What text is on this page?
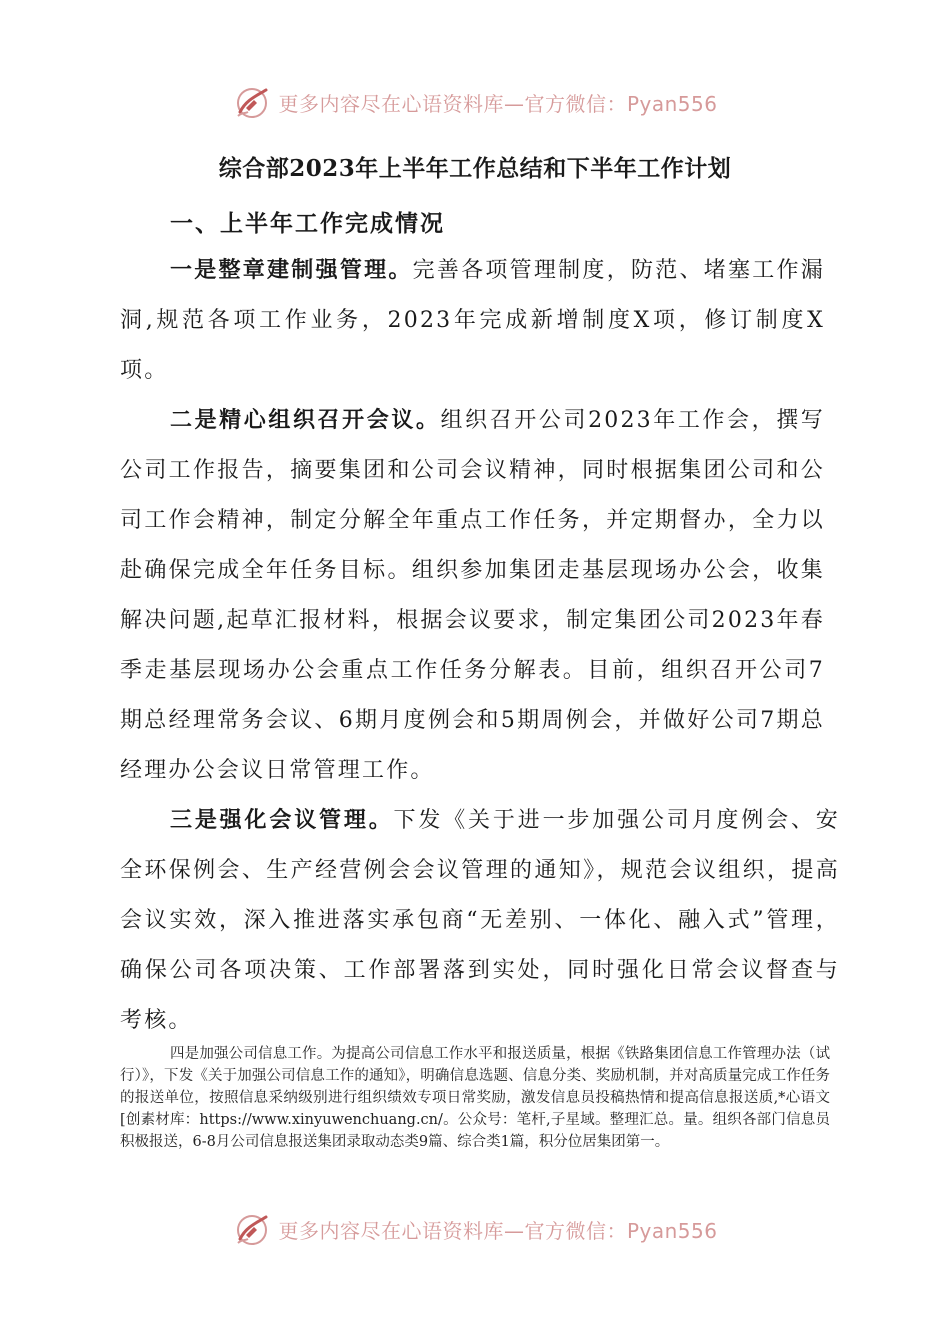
更多内容尽在心语资料库—官方微信：Pyan556
综合部2023年上半年工作总结和下半年工作计划
一、上半年工作完成情况

一是整章建制强管理。完善各项管理制度，防范、堵塞工作漏洞,规范各项工作业务，2023年完成新增制度X项，修订制度X项。

二是精心组织召开会议。组织召开公司2023年工作会，撰写公司工作报告，摘要集团和公司会议精神，同时根据集团公司和公司工作会精神，制定分解全年重点工作任务，并定期督办，全力以赴确保完成全年任务目标。组织参加集团走基层现场办公会，收集解决问题,起草汇报材料，根据会议要求，制定集团公司2023年春季走基层现场办公会重点工作任务分解表。目前，组织召开公司7期总经理常务会议、6期月度例会和5期周例会，并做好公司7期总经理办公会议日常管理工作。

三是强化会议管理。下发《关于进一步加强公司月度例会、安全环保例会、生产经营例会会议管理的通知》，规范会议组织，提高会议实效，深入推进落实承包商“无差别、一体化、融入式”管理，确保公司各项决策、工作部署落到实处，同时强化日常会议督查与考核。

四是加强公司信息工作。为提高公司信息工作水平和报送质量，根据《铁路集团信息工作管理办法（试行）》，下发《关于加强公司信息工作的通知》，明确信息选题、信息分类、奖励机制，并对高质量完成工作任务的报送单位，按照信息采纳级别进行组织绩效专项日常奖励，激发信息员投稿热情和提高信息报送质,*心语文[创素材库：https://www.xinyuwenchuang.cn/。公众号：笔杆,子星域。整理汇总。量。组织各部门信息员积极报送，6-8月公司信息报送集团录取动态类9篇、综合类1篇，积分位居集团第一。

更多内容尽在心语资料库—官方微信：Pyan556
